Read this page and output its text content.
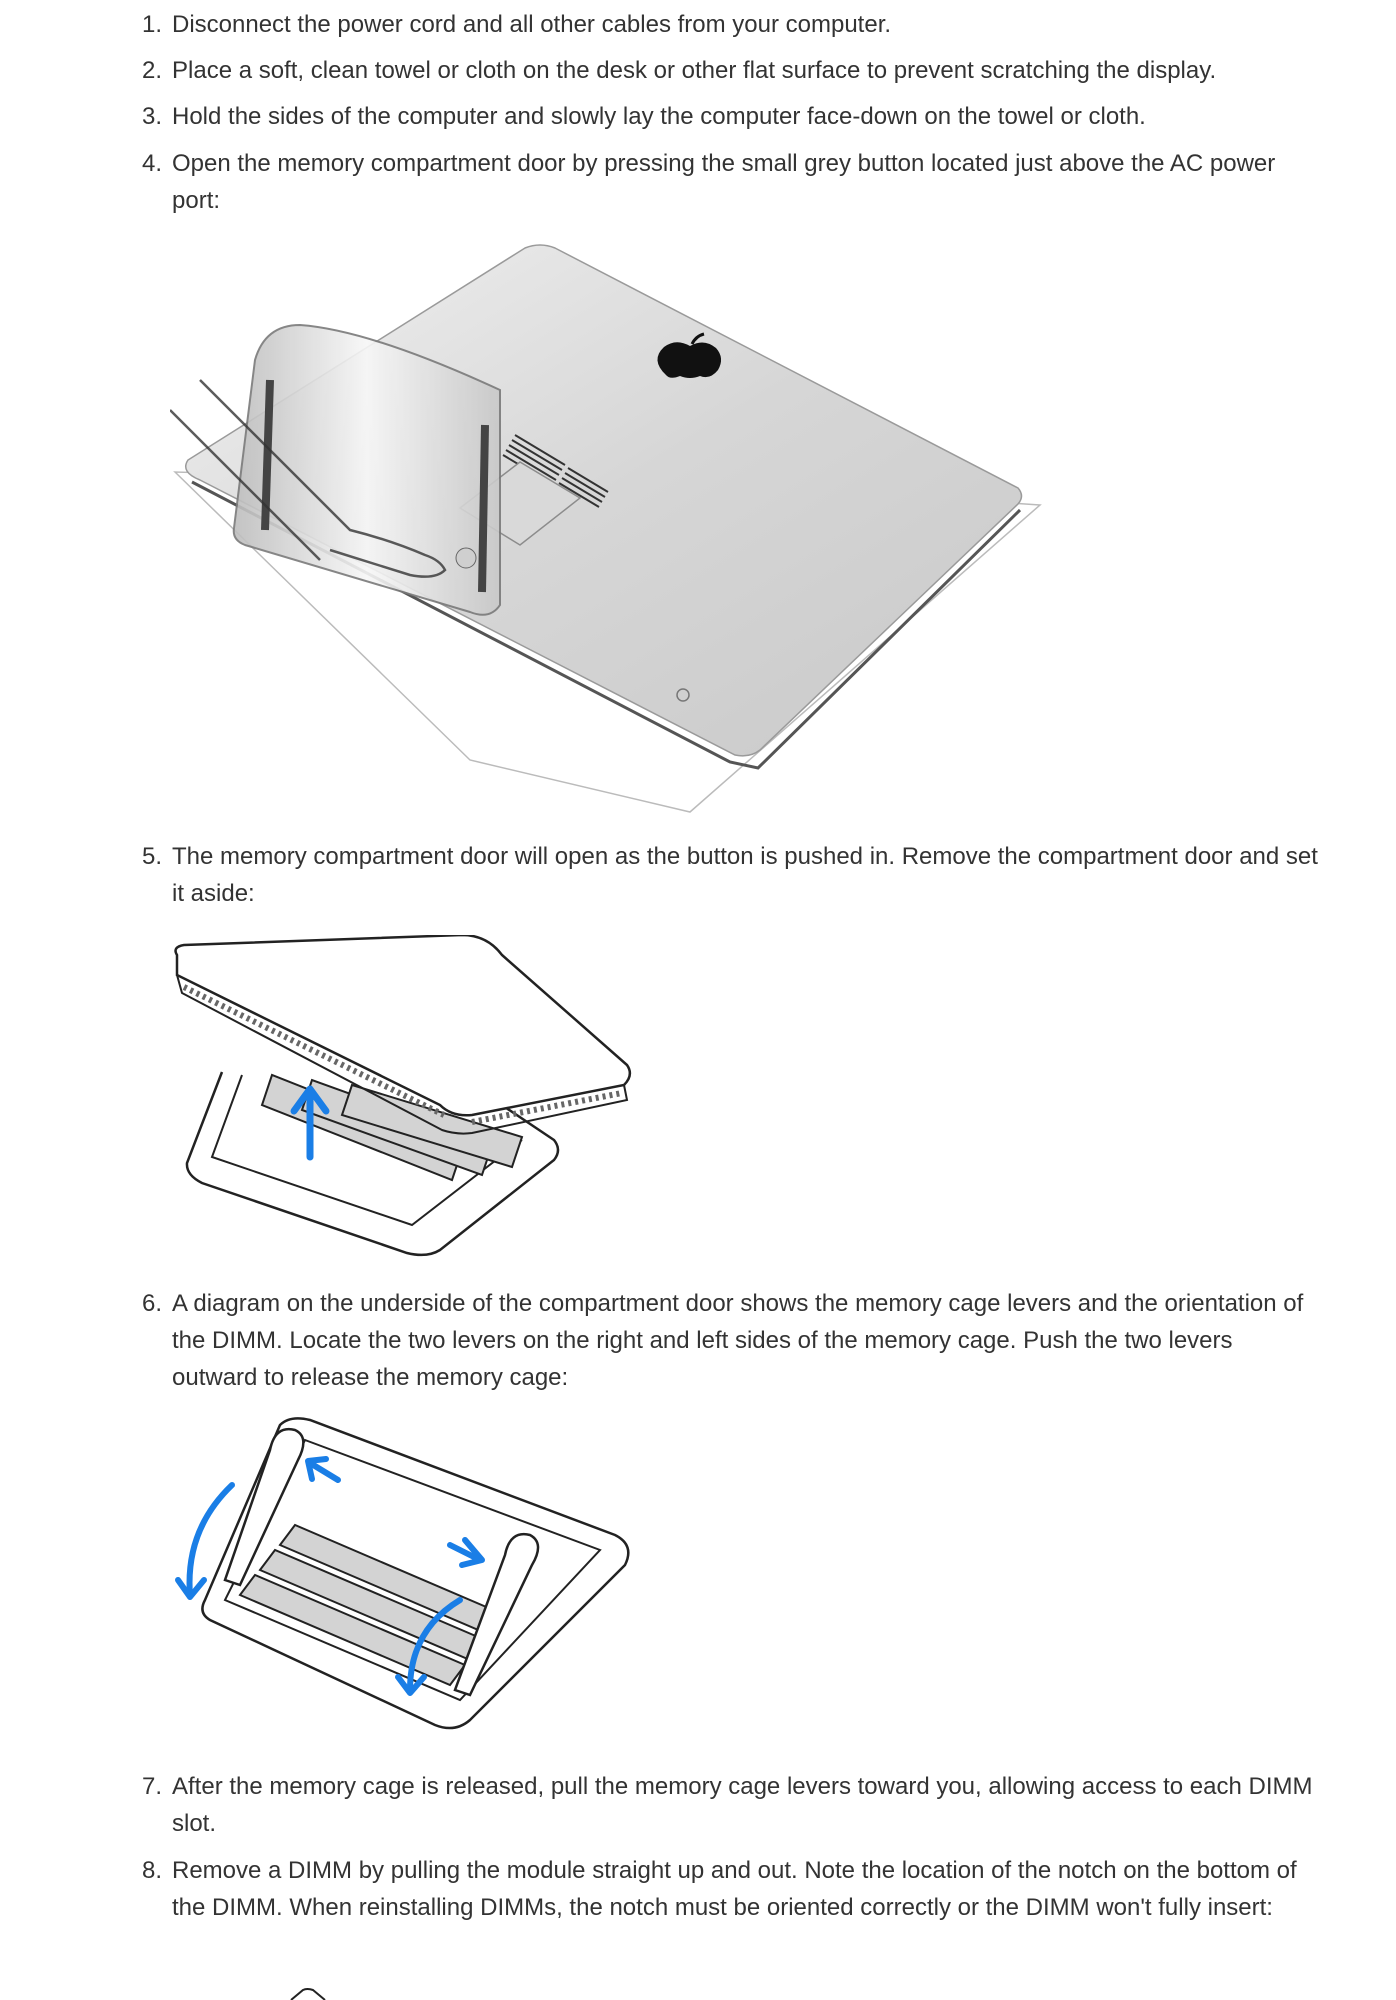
1. Disconnect the power cord and all other cables from your computer.
2. Place a soft, clean towel or cloth on the desk or other flat surface to prevent scratching the display.
3. Hold the sides of the computer and slowly lay the computer face-down on the towel or cloth.
4. Open the memory compartment door by pressing the small grey button located just above the AC power port:
5. The memory compartment door will open as the button is pushed in. Remove the compartment door and set it aside:
6. A diagram on the underside of the compartment door shows the memory cage levers and the orientation of the DIMM. Locate the two levers on the right and left sides of the memory cage. Push the two levers outward to release the memory cage:
7. After the memory cage is released, pull the memory cage levers toward you, allowing access to each DIMM slot.
8. Remove a DIMM by pulling the module straight up and out. Note the location of the notch on the bottom of the DIMM. When reinstalling DIMMs, the notch must be oriented correctly or the DIMM won't fully insert:
